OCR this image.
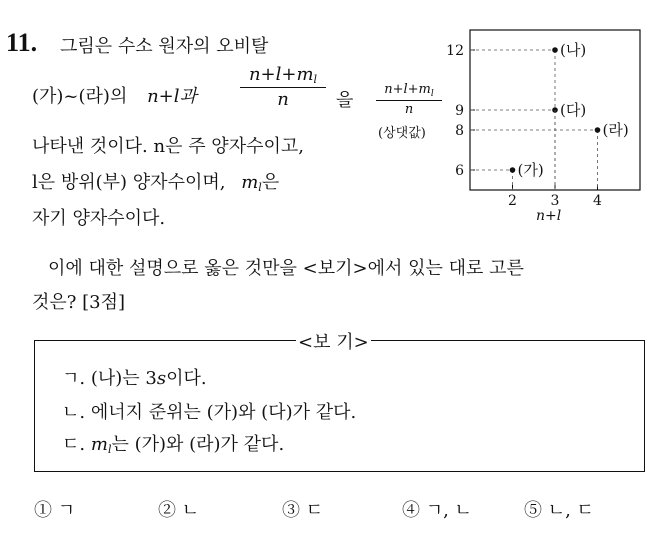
11. 그림은 수소 원자의 오비탈
(가)~(라)의 n+l과 $\frac{n+l+m_l}{n}$ 을
나타낸 것이다. n은 주 양자수이고,
l은 방위(부) 양자수이며, $m_l$은
자기 양자수이다.
이에 대한 설명으로 옳은 것만을 <보기>에서 있는 대로 고른
것은? [3점]
$\frac{n+l+m_l}{n}$
(상댓값)
6
8
9
12
2 3 4
(가)
(다)
(나)
(라)
n+l
<보 기>
ㄱ. (나)는 3s이다.
ㄴ. 에너지 준위는 (가)와 (다)가 같다.
ㄷ. $m_l$는 (가)와 (라)가 같다.
① ㄱ	② ㄴ	③ ㄷ	④ ㄱ, ㄴ	⑤ ㄴ, ㄷ
